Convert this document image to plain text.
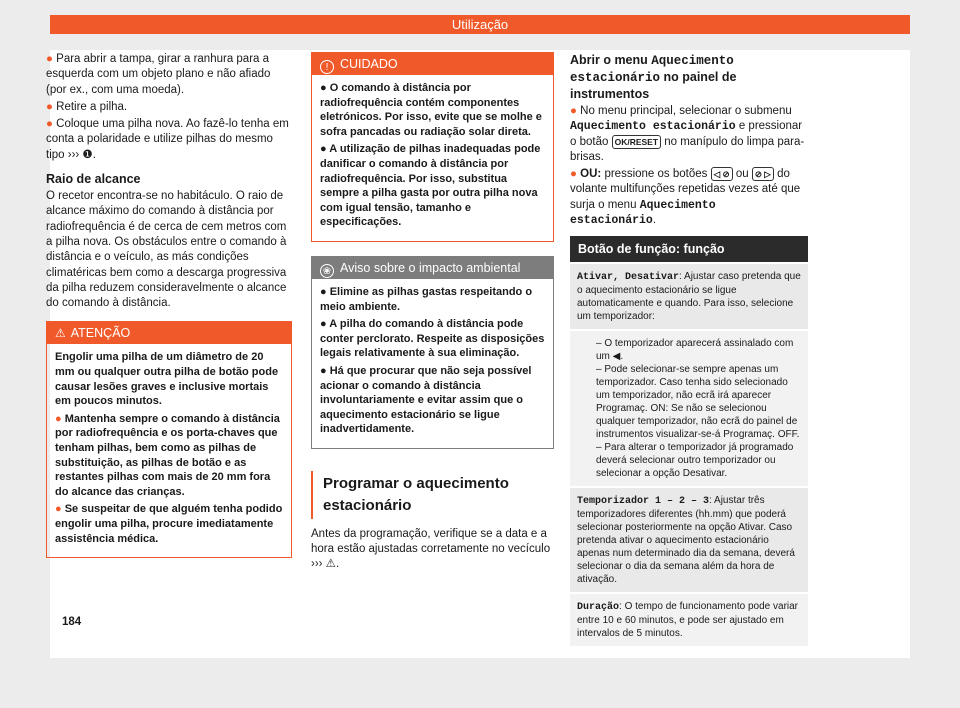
Utilização

● Para abrir a tampa, girar a ranhura para a esquerda com um objeto plano e não afiado (por ex., com uma moeda).

● Retire a pilha.

● Coloque uma pilha nova. Ao fazê-lo tenha em conta a polaridade e utilize pilhas do mesmo tipo ››› ❶.

Raio de alcance

O recetor encontra-se no habitáculo. O raio de alcance máximo do comando à distância por radiofrequência é de cerca de cem metros com a pilha nova. Os obstáculos entre o comando à distância e o veículo, as más condições climatéricas bem como a descarga progressiva da pilha reduzem consideravelmente o alcance do comando à distância.

⚠ ATENÇÃO

Engolir uma pilha de um diâmetro de 20 mm ou qualquer outra pilha de botão pode causar lesões graves e inclusive mortais em poucos minutos.

● Mantenha sempre o comando à distância por radiofrequência e os porta-chaves que tenham pilhas, bem como as pilhas de substituição, as pilhas de botão e as restantes pilhas com mais de 20 mm fora do alcance das crianças.

● Se suspeitar de que alguém tenha podido engolir uma pilha, procure imediatamente assistência médica.

! CUIDADO

● O comando à distância por radiofrequência contém componentes eletrónicos. Por isso, evite que se molhe e sofra pancadas ou radiação solar direta.

● A utilização de pilhas inadequadas pode danificar o comando à distância por radiofrequência. Por isso, substitua sempre a pilha gasta por outra pilha nova com igual tensão, tamanho e especificações.

❀ Aviso sobre o impacto ambiental

● Elimine as pilhas gastas respeitando o meio ambiente.

● A pilha do comando à distância pode conter perclorato. Respeite as disposições legais relativamente à sua eliminação.

● Há que procurar que não seja possível acionar o comando à distância involuntariamente e evitar assim que o aquecimento estacionário se ligue inadvertidamente.

Programar o aquecimento estacionário

Antes da programação, verifique se a data e a hora estão ajustadas corretamente no vecículo ››› ⚠.

Abrir o menu Aquecimento estacionário no painel de instrumentos

● No menu principal, selecionar o submenu Aquecimento estacionário e pressionar o botão OK/RESET no manípulo do limpa para-brisas.

● OU: pressione os botões ◁ ⊘ ou ⊘ ▷ do volante multifunções repetidas vezes até que surja o menu Aquecimento estacionário.

Botão de função: função
Ativar, Desativar: Ajustar caso pretenda que o aquecimento estacionário se ligue automaticamente e quando. Para isso, selecione um temporizador:
– O temporizador aparecerá assinalado com um ◀.
– Pode selecionar-se sempre apenas um temporizador. Caso tenha sido selecionado um temporizador, não ecrã irá aparecer Programaç. ON: Se não se selecionou qualquer temporizador, não ecrã do painel de instrumentos visualizar-se-á Programaç. OFF.
– Para alterar o temporizador já programado deverá selecionar outro temporizador ou selecionar a opção Desativar.
Temporizador 1 – 2 – 3: Ajustar três temporizadores diferentes (hh.mm) que poderá selecionar posteriormente na opção Ativar. Caso pretenda ativar o aquecimento estacionário apenas num determinado dia da semana, deverá selecionar o dia da semana além da hora de ativação.
Duração: O tempo de funcionamento pode variar entre 10 e 60 minutos, e pode ser ajustado em intervalos de 5 minutos.
184
